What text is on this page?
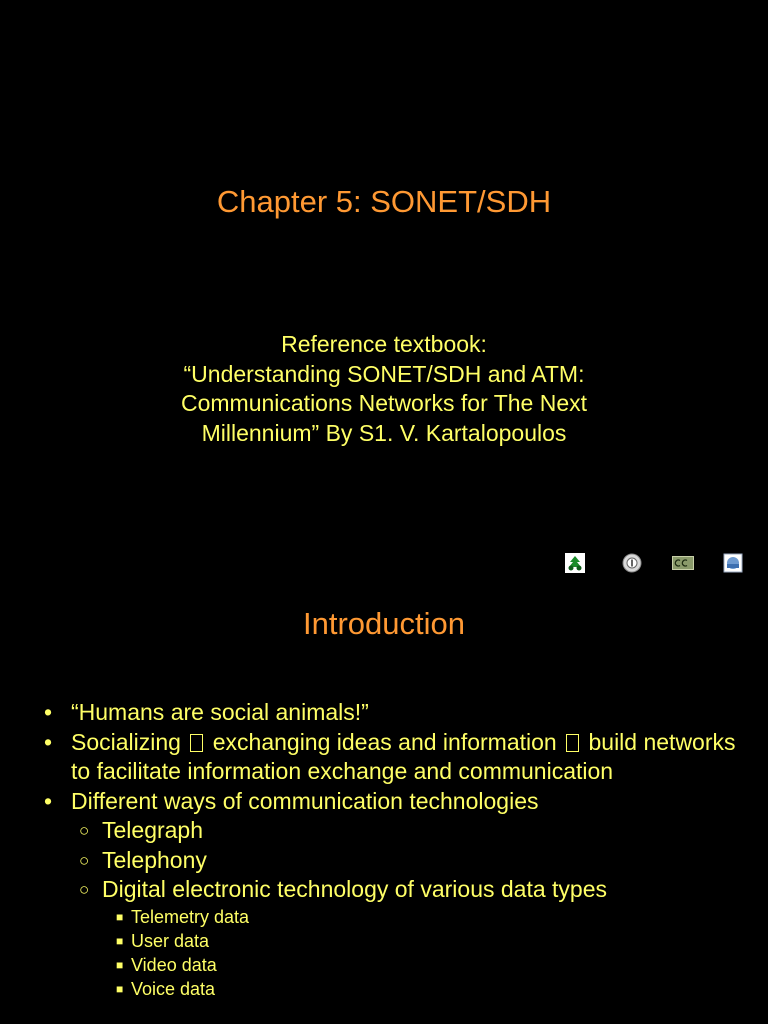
Chapter 5: SONET/SDH
Reference textbook:
“Understanding SONET/SDH and ATM:
Communications Networks for The Next
Millennium” By S1. V. Kartalopoulos
Introduction
• “Humans are social animals!”
• Socializing exchanging ideas and information build networks to facilitate information exchange and communication
• Different ways of communication technologies
○ Telegraph
○ Telephony
○ Digital electronic technology of various data types
■ Telemetry data
■ User data
■ Video data
■ Voice data
